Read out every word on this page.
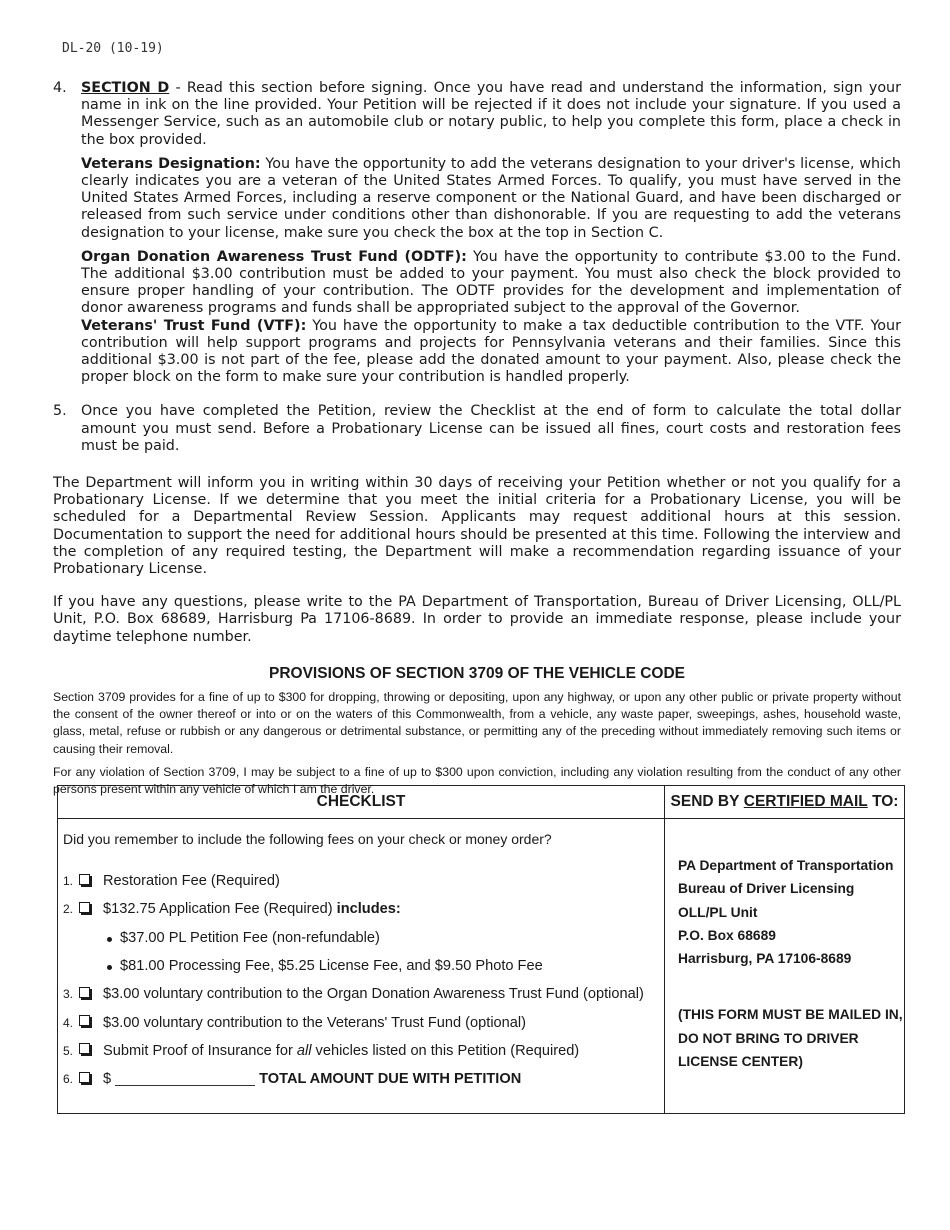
DL-20 (10-19)
4.	SECTION D - Read this section before signing. Once you have read and understand the information, sign your name in ink on the line provided. Your Petition will be rejected if it does not include your signature. If you used a Messenger Service, such as an automobile club or notary public, to help you complete this form, place a check in the box provided.
Veterans Designation: You have the opportunity to add the veterans designation to your driver's license, which clearly indicates you are a veteran of the United States Armed Forces. To qualify, you must have served in the United States Armed Forces, including a reserve component or the National Guard, and have been discharged or released from such service under conditions other than dishonorable. If you are requesting to add the veterans designation to your license, make sure you check the box at the top in Section C.
Organ Donation Awareness Trust Fund (ODTF): You have the opportunity to contribute $3.00 to the Fund. The additional $3.00 contribution must be added to your payment. You must also check the block provided to ensure proper handling of your contribution. The ODTF provides for the development and implementation of donor awareness programs and funds shall be appropriated subject to the approval of the Governor.
Veterans' Trust Fund (VTF): You have the opportunity to make a tax deductible contribution to the VTF. Your contribution will help support programs and projects for Pennsylvania veterans and their families. Since this additional $3.00 is not part of the fee, please add the donated amount to your payment. Also, please check the proper block on the form to make sure your contribution is handled properly.
5.	Once you have completed the Petition, review the Checklist at the end of form to calculate the total dollar amount you must send. Before a Probationary License can be issued all fines, court costs and restoration fees must be paid.
The Department will inform you in writing within 30 days of receiving your Petition whether or not you qualify for a Probationary License. If we determine that you meet the initial criteria for a Probationary License, you will be scheduled for a Departmental Review Session. Applicants may request additional hours at this session. Documentation to support the need for additional hours should be presented at this time. Following the interview and the completion of any required testing, the Department will make a recommendation regarding issuance of your Probationary License.
If you have any questions, please write to the PA Department of Transportation, Bureau of Driver Licensing, OLL/PL Unit, P.O. Box 68689, Harrisburg Pa 17106-8689. In order to provide an immediate response, please include your daytime telephone number.
PROVISIONS OF SECTION 3709 OF THE VEHICLE CODE
Section 3709 provides for a fine of up to $300 for dropping, throwing or depositing, upon any highway, or upon any other public or private property without the consent of the owner thereof or into or on the waters of this Commonwealth, from a vehicle, any waste paper, sweepings, ashes, household waste, glass, metal, refuse or rubbish or any dangerous or detrimental substance, or permitting any of the preceding without immediately removing such items or causing their removal.
For any violation of Section 3709, I may be subject to a fine of up to $300 upon conviction, including any violation resulting from the conduct of any other persons present within any vehicle of which I am the driver.
CHECKLIST
Did you remember to include the following fees on your check or money order?
1.	Restoration Fee (Required)
2.	$132.75 Application Fee (Required) includes:
$37.00 PL Petition Fee (non-refundable)
$81.00 Processing Fee, $5.25 License Fee, and $9.50 Photo Fee
3.	$3.00 voluntary contribution to the Organ Donation Awareness Trust Fund (optional)
4.	$3.00 voluntary contribution to the Veterans' Trust Fund (optional)
5.	Submit Proof of Insurance for all vehicles listed on this Petition (Required)
6.	$	TOTAL AMOUNT DUE WITH PETITION
SEND BY
CERTIFIED MAIL
TO:
PA Department of Transportation
Bureau of Driver Licensing
OLL/PL Unit
P.O. Box 68689
Harrisburg, PA 17106-8689
(THIS FORM MUST BE MAILED IN, DO NOT BRING TO DRIVER LICENSE CENTER)
